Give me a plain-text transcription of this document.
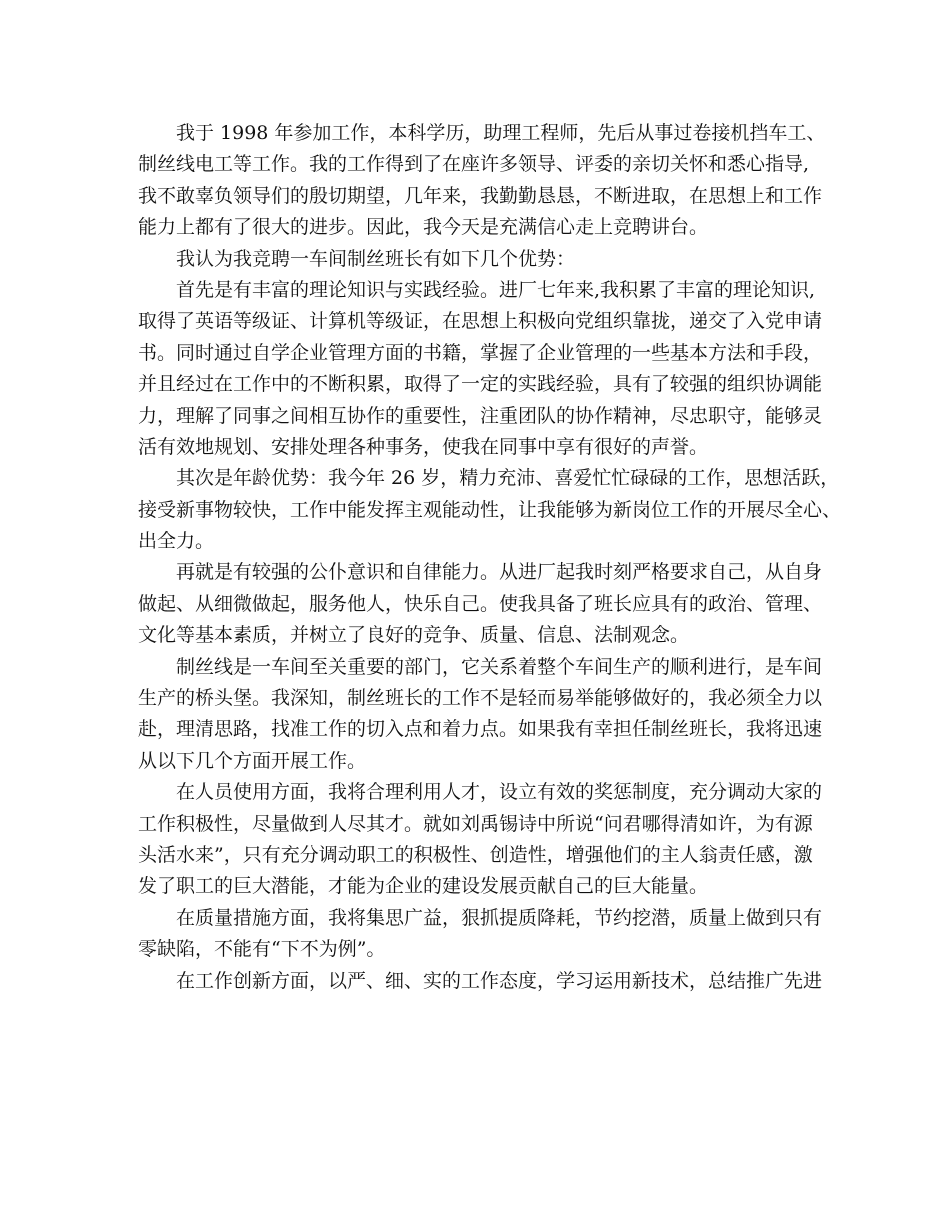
我于 1998 年参加工作，本科学历，助理工程师，先后从事过卷接机挡车工、
制丝线电工等工作。我的工作得到了在座许多领导、评委的亲切关怀和悉心指导,
我不敢辜负领导们的殷切期望，几年来，我勤勤恳恳，不断进取，在思想上和工作
能力上都有了很大的进步。因此，我今天是充满信心走上竞聘讲台。
我认为我竞聘一车间制丝班长有如下几个优势：
首先是有丰富的理论知识与实践经验。进厂七年来,我积累了丰富的理论知识,
取得了英语等级证、计算机等级证，在思想上积极向党组织靠拢，递交了入党申请
书。同时通过自学企业管理方面的书籍，掌握了企业管理的一些基本方法和手段，
并且经过在工作中的不断积累，取得了一定的实践经验，具有了较强的组织协调能
力，理解了同事之间相互协作的重要性，注重团队的协作精神，尽忠职守，能够灵
活有效地规划、安排处理各种事务，使我在同事中享有很好的声誉。
其次是年龄优势：我今年 26 岁，精力充沛、喜爱忙忙碌碌的工作，思想活跃，
接受新事物较快，工作中能发挥主观能动性，让我能够为新岗位工作的开展尽全心、
出全力。
再就是有较强的公仆意识和自律能力。从进厂起我时刻严格要求自己，从自身
做起、从细微做起，服务他人，快乐自己。使我具备了班长应具有的政治、管理、
文化等基本素质，并树立了良好的竞争、质量、信息、法制观念。
制丝线是一车间至关重要的部门，它关系着整个车间生产的顺利进行，是车间
生产的桥头堡。我深知，制丝班长的工作不是轻而易举能够做好的，我必须全力以
赴，理清思路，找准工作的切入点和着力点。如果我有幸担任制丝班长，我将迅速
从以下几个方面开展工作。
在人员使用方面，我将合理利用人才，设立有效的奖惩制度，充分调动大家的
工作积极性，尽量做到人尽其才。就如刘禹锡诗中所说“问君哪得清如许，为有源
头活水来”，只有充分调动职工的积极性、创造性，增强他们的主人翁责任感，激
发了职工的巨大潜能，才能为企业的建设发展贡献自己的巨大能量。
在质量措施方面，我将集思广益，狠抓提质降耗，节约挖潜，质量上做到只有
零缺陷，不能有“下不为例”。
在工作创新方面，以严、细、实的工作态度，学习运用新技术，总结推广先进
